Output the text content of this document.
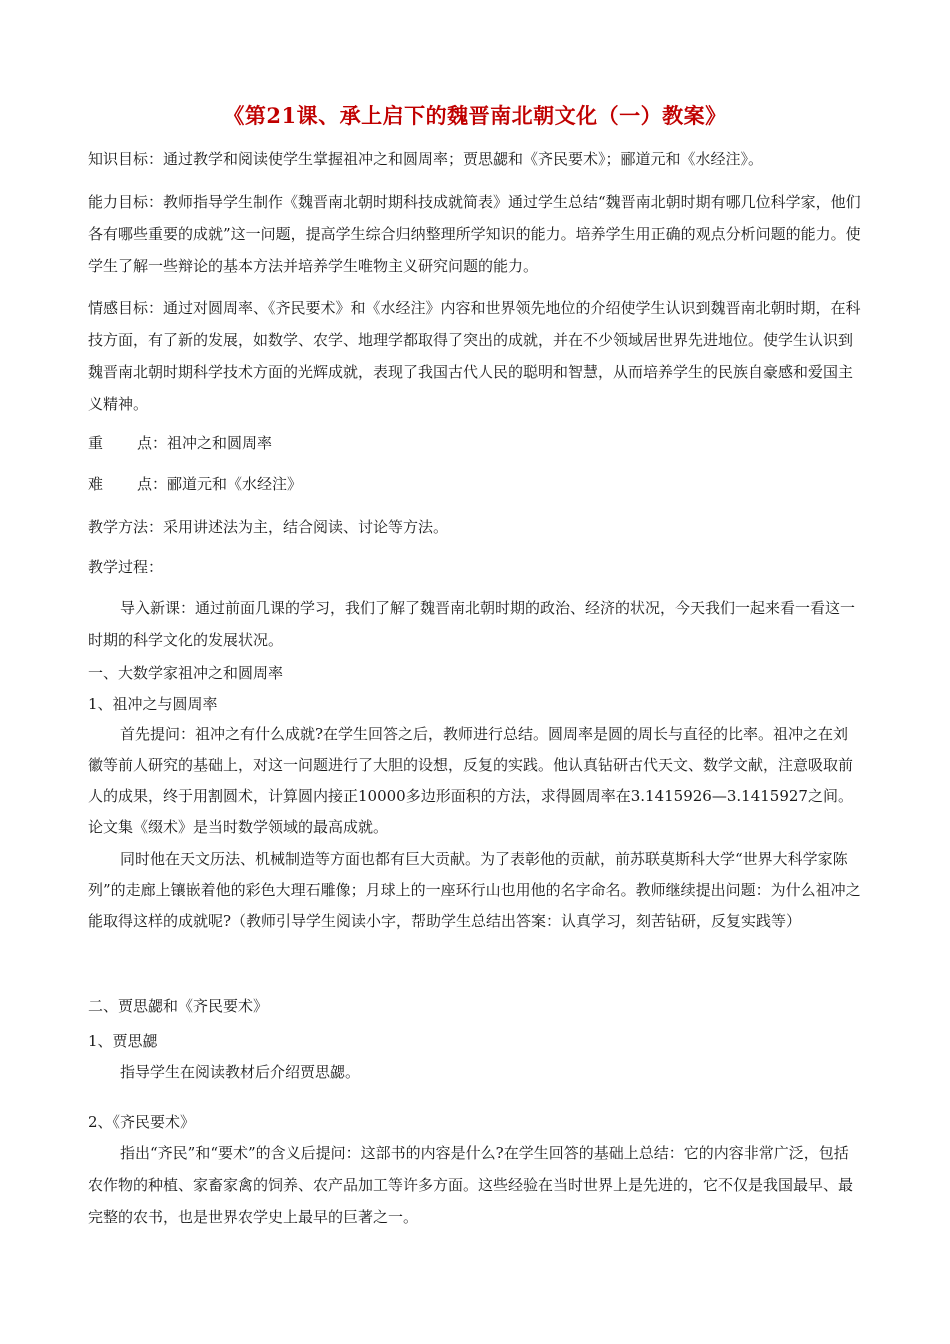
《第21课、承上启下的魏晋南北朝文化（一）教案》
知识目标：通过教学和阅读使学生掌握祖冲之和圆周率；贾思勰和《齐民要术》；郦道元和《水经注》。
能力目标：教师指导学生制作《魏晋南北朝时期科技成就简表》通过学生总结“魏晋南北朝时期有哪几位科学家，他们各有哪些重要的成就”这一问题，提高学生综合归纳整理所学知识的能力。培养学生用正确的观点分析问题的能力。使学生了解一些辩论的基本方法并培养学生唯物主义研究问题的能力。
情感目标：通过对圆周率、《齐民要术》和《水经注》内容和世界领先地位的介绍使学生认识到魏晋南北朝时期，在科技方面，有了新的发展，如数学、农学、地理学都取得了突出的成就，并在不少领域居世界先进地位。使学生认识到魏晋南北朝时期科学技术方面的光辉成就，表现了我国古代人民的聪明和智慧，从而培养学生的民族自豪感和爱国主义精神。
重 点：祖冲之和圆周率
难 点：郦道元和《水经注》
教学方法：采用讲述法为主，结合阅读、讨论等方法。
教学过程：
导入新课：通过前面几课的学习，我们了解了魏晋南北朝时期的政治、经济的状况，今天我们一起来看一看这一时期的科学文化的发展状况。
一、大数学家祖冲之和圆周率
1、祖冲之与圆周率
首先提问：祖冲之有什么成就?在学生回答之后，教师进行总结。圆周率是圆的周长与直径的比率。祖冲之在刘徽等前人研究的基础上，对这一问题进行了大胆的设想，反复的实践。他认真钻研古代天文、数学文献，注意吸取前人的成果，终于用割圆术，计算圆内接正10000多边形面积的方法，求得圆周率在3.1415926—3.1415927之间。论文集《缀术》是当时数学领域的最高成就。
同时他在天文历法、机械制造等方面也都有巨大贡献。为了表彰他的贡献，前苏联莫斯科大学“世界大科学家陈列”的走廊上镶嵌着他的彩色大理石雕像；月球上的一座环行山也用他的名字命名。教师继续提出问题：为什么祖冲之能取得这样的成就呢?（教师引导学生阅读小字，帮助学生总结出答案：认真学习，刻苦钻研，反复实践等）
二、贾思勰和《齐民要术》
1、贾思勰
指导学生在阅读教材后介绍贾思勰。
2、《齐民要术》
指出“齐民”和“要术”的含义后提问：这部书的内容是什么?在学生回答的基础上总结：它的内容非常广泛，包括农作物的种植、家畜家禽的饲养、农产品加工等许多方面。这些经验在当时世界上是先进的，它不仅是我国最早、最完整的农书，也是世界农学史上最早的巨著之一。
